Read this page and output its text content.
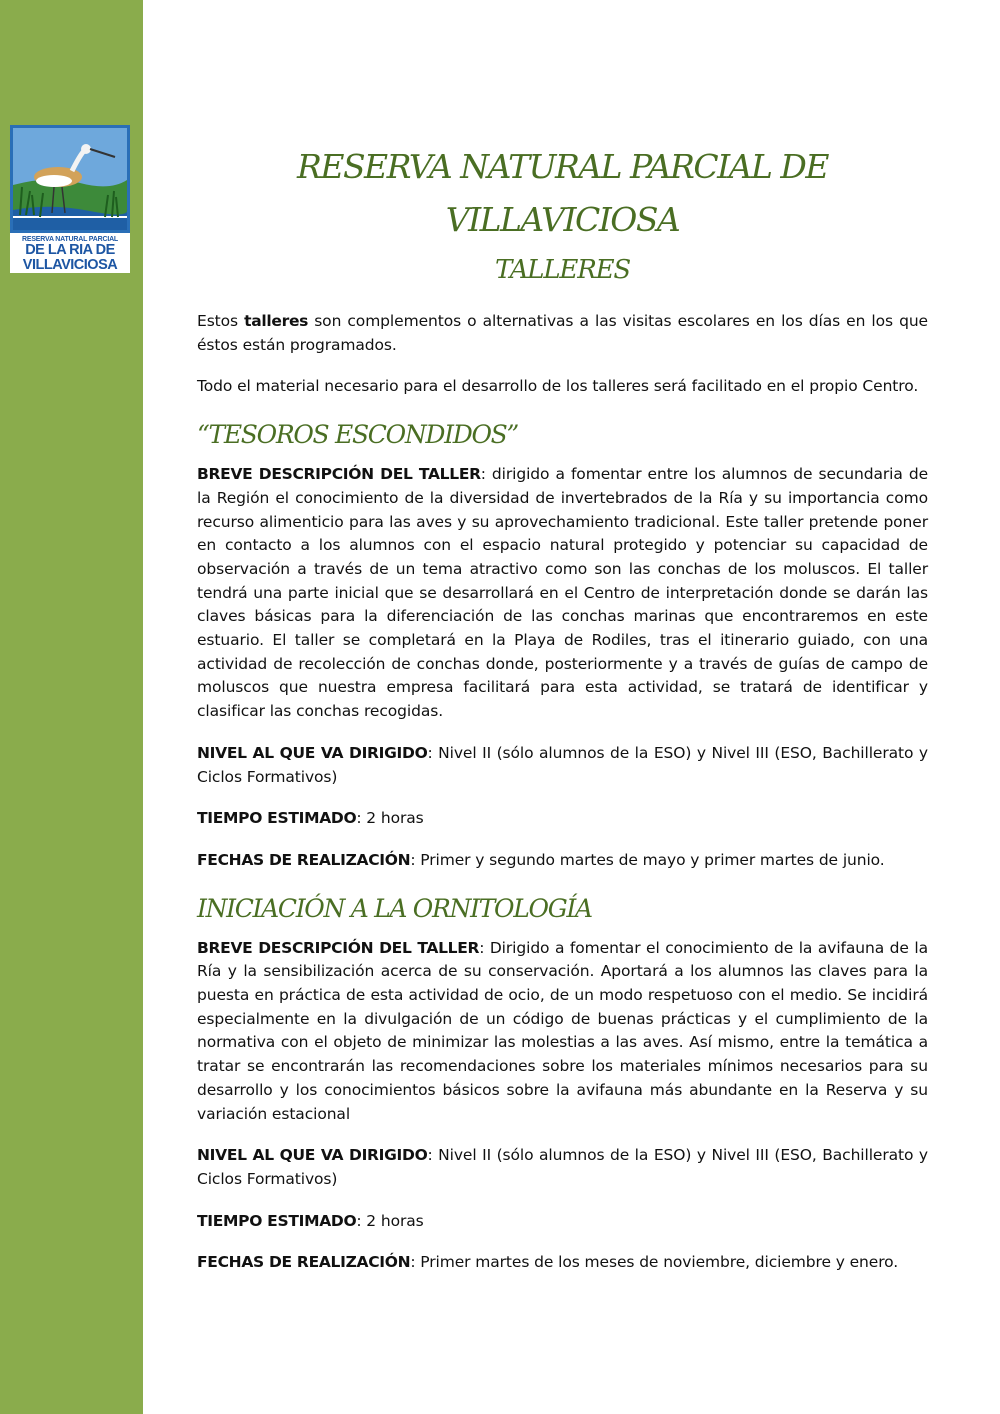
RESERVA NATURAL PARCIAL
DE LA RIA DE
VILLAVICIOSA
RESERVA NATURAL PARCIAL DE VILLAVICIOSA
TALLERES

Estos talleres son complementos o alternativas a las visitas escolares en los días en los que éstos están programados.

Todo el material necesario para el desarrollo de los talleres será facilitado en el propio Centro.

“TESOROS ESCONDIDOS”

BREVE DESCRIPCIÓN DEL TALLER: dirigido a fomentar entre los alumnos de secundaria de la Región el conocimiento de la diversidad de invertebrados de la Ría y su importancia como recurso alimenticio para las aves y su aprovechamiento tradicional. Este taller pretende poner en contacto a los alumnos con el espacio natural protegido y potenciar su capacidad de observación a través de un tema atractivo como son las conchas de los moluscos. El taller tendrá una parte inicial que se desarrollará en el Centro de interpretación donde se darán las claves básicas para la diferenciación de las conchas marinas que encontraremos en este estuario. El taller se completará en la Playa de Rodiles, tras el itinerario guiado, con una actividad de recolección de conchas donde, posteriormente y a través de guías de campo de moluscos que nuestra empresa facilitará para esta actividad, se tratará de identificar y clasificar las conchas recogidas.

NIVEL AL QUE VA DIRIGIDO: Nivel II (sólo alumnos de la ESO) y Nivel III (ESO, Bachillerato y Ciclos Formativos)

TIEMPO ESTIMADO: 2 horas

FECHAS DE REALIZACIÓN: Primer y segundo martes de mayo y primer martes de junio.

INICIACIÓN A LA ORNITOLOGÍA

BREVE DESCRIPCIÓN DEL TALLER: Dirigido a fomentar el conocimiento de la avifauna de la Ría y la sensibilización acerca de su conservación. Aportará a los alumnos las claves para la puesta en práctica de esta actividad de ocio, de un modo respetuoso con el medio. Se incidirá especialmente en la divulgación de un código de buenas prácticas y el cumplimiento de la normativa con el objeto de minimizar las molestias a las aves. Así mismo, entre la temática a tratar se encontrarán las recomendaciones sobre los materiales mínimos necesarios para su desarrollo y los conocimientos básicos sobre la avifauna más abundante en la Reserva y su variación estacional

NIVEL AL QUE VA DIRIGIDO: Nivel II (sólo alumnos de la ESO) y Nivel III (ESO, Bachillerato y Ciclos Formativos)

TIEMPO ESTIMADO: 2 horas

FECHAS DE REALIZACIÓN: Primer martes de los meses de noviembre, diciembre y enero.
